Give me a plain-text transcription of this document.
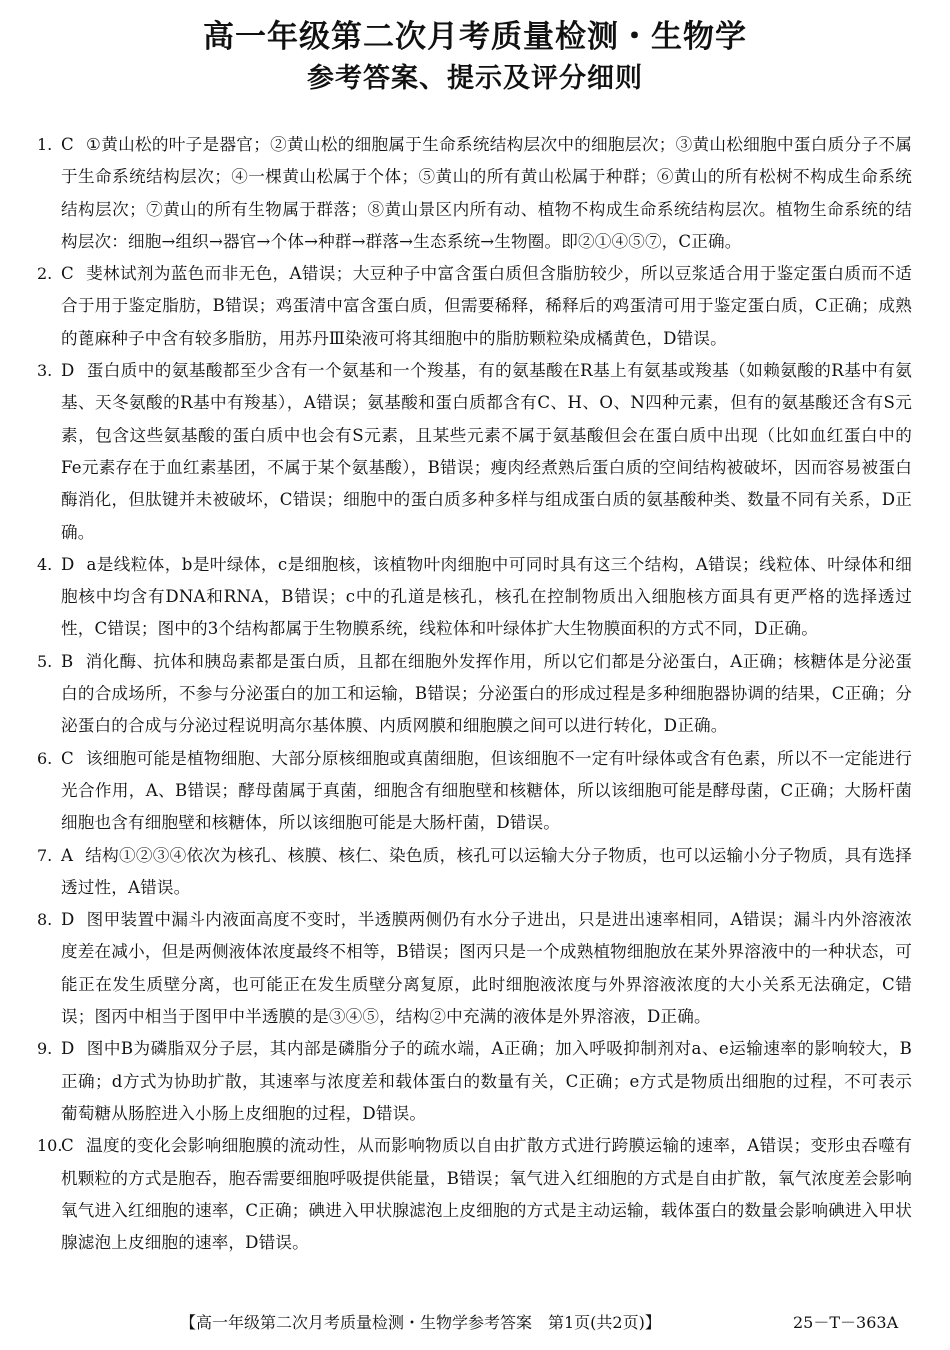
高一年级第二次月考质量检测・生物学
参考答案、提示及评分细则
1. C ①黄山松的叶子是器官；②黄山松的细胞属于生命系统结构层次中的细胞层次；③黄山松细胞中蛋白质分子不属于生命系统结构层次；④一棵黄山松属于个体；⑤黄山的所有黄山松属于种群；⑥黄山的所有松树不构成生命系统结构层次；⑦黄山的所有生物属于群落；⑧黄山景区内所有动、植物不构成生命系统结构层次。植物生命系统的结构层次：细胞→组织→器官→个体→种群→群落→生态系统→生物圈。即②①④⑤⑦，C正确。
2. C 斐林试剂为蓝色而非无色，A错误；大豆种子中富含蛋白质但含脂肪较少，所以豆浆适合用于鉴定蛋白质而不适合于用于鉴定脂肪，B错误；鸡蛋清中富含蛋白质，但需要稀释，稀释后的鸡蛋清可用于鉴定蛋白质，C正确；成熟的蓖麻种子中含有较多脂肪，用苏丹Ⅲ染液可将其细胞中的脂肪颗粒染成橘黄色，D错误。
3. D 蛋白质中的氨基酸都至少含有一个氨基和一个羧基，有的氨基酸在R基上有氨基或羧基（如赖氨酸的R基中有氨基、天冬氨酸的R基中有羧基），A错误；氨基酸和蛋白质都含有C、H、O、N四种元素，但有的氨基酸还含有S元素，包含这些氨基酸的蛋白质中也会有S元素，且某些元素不属于氨基酸但会在蛋白质中出现（比如血红蛋白中的Fe元素存在于血红素基团，不属于某个氨基酸），B错误；瘦肉经煮熟后蛋白质的空间结构被破坏，因而容易被蛋白酶消化，但肽键并未被破坏，C错误；细胞中的蛋白质多种多样与组成蛋白质的氨基酸种类、数量不同有关系，D正确。
4. D a是线粒体，b是叶绿体，c是细胞核，该植物叶肉细胞中可同时具有这三个结构，A错误；线粒体、叶绿体和细胞核中均含有DNA和RNA，B错误；c中的孔道是核孔，核孔在控制物质出入细胞核方面具有更严格的选择透过性，C错误；图中的3个结构都属于生物膜系统，线粒体和叶绿体扩大生物膜面积的方式不同，D正确。
5. B 消化酶、抗体和胰岛素都是蛋白质，且都在细胞外发挥作用，所以它们都是分泌蛋白，A正确；核糖体是分泌蛋白的合成场所，不参与分泌蛋白的加工和运输，B错误；分泌蛋白的形成过程是多种细胞器协调的结果，C正确；分泌蛋白的合成与分泌过程说明高尔基体膜、内质网膜和细胞膜之间可以进行转化，D正确。
6. C 该细胞可能是植物细胞、大部分原核细胞或真菌细胞，但该细胞不一定有叶绿体或含有色素，所以不一定能进行光合作用，A、B错误；酵母菌属于真菌，细胞含有细胞壁和核糖体，所以该细胞可能是酵母菌，C正确；大肠杆菌细胞也含有细胞壁和核糖体，所以该细胞可能是大肠杆菌，D错误。
7. A 结构①②③④依次为核孔、核膜、核仁、染色质，核孔可以运输大分子物质，也可以运输小分子物质，具有选择透过性，A错误。
8. D 图甲装置中漏斗内液面高度不变时，半透膜两侧仍有水分子进出，只是进出速率相同，A错误；漏斗内外溶液浓度差在减小，但是两侧液体浓度最终不相等，B错误；图丙只是一个成熟植物细胞放在某外界溶液中的一种状态，可能正在发生质壁分离，也可能正在发生质壁分离复原，此时细胞液浓度与外界溶液浓度的大小关系无法确定，C错误；图丙中相当于图甲中半透膜的是③④⑤，结构②中充满的液体是外界溶液，D正确。
9. D 图中B为磷脂双分子层，其内部是磷脂分子的疏水端，A正确；加入呼吸抑制剂对a、e运输速率的影响较大，B正确；d方式为协助扩散，其速率与浓度差和载体蛋白的数量有关，C正确；e方式是物质出细胞的过程，不可表示葡萄糖从肠腔进入小肠上皮细胞的过程，D错误。
10.
C 温度的变化会影响细胞膜的流动性，从而影响物质以自由扩散方式进行跨膜运输的速率，A错误；变形虫吞噬有机颗粒的方式是胞吞，胞吞需要细胞呼吸提供能量，B错误；氧气进入红细胞的方式是自由扩散，氧气浓度差会影响氧气进入红细胞的速率，C正确；碘进入甲状腺滤泡上皮细胞的方式是主动运输，载体蛋白的数量会影响碘进入甲状腺滤泡上皮细胞的速率，D错误。
【高一年级第二次月考质量检测・生物学参考答案　第1页(共2页)】	25－T－363A
